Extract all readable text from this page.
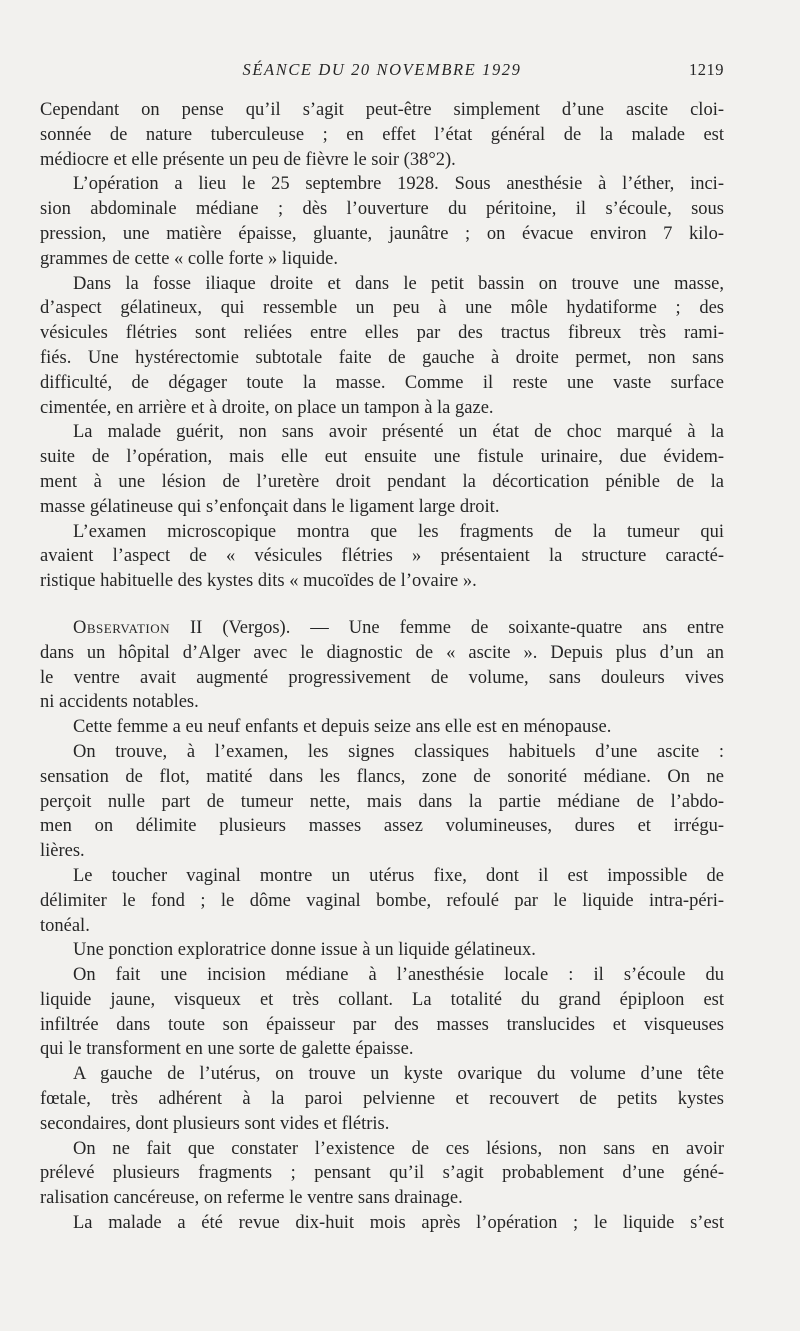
SÉANCE DU 20 NOVEMBRE 1929	1219
Cependant on pense qu’il s’agit peut-être simplement d’une ascite cloi-
sonnée de nature tuberculeuse ; en effet l’état général de la malade est
médiocre et elle présente un peu de fièvre le soir (38°2).
L’opération a lieu le 25 septembre 1928. Sous anesthésie à l’éther, inci-
sion abdominale médiane ; dès l’ouverture du péritoine, il s’écoule, sous
pression, une matière épaisse, gluante, jaunâtre ; on évacue environ 7 kilo-
grammes de cette « colle forte » liquide.
Dans la fosse iliaque droite et dans le petit bassin on trouve une masse,
d’aspect gélatineux, qui ressemble un peu à une môle hydatiforme ; des
vésicules flétries sont reliées entre elles par des tractus fibreux très rami-
fiés. Une hystérectomie subtotale faite de gauche à droite permet, non sans
difficulté, de dégager toute la masse. Comme il reste une vaste surface
cimentée, en arrière et à droite, on place un tampon à la gaze.
La malade guérit, non sans avoir présenté un état de choc marqué à la
suite de l’opération, mais elle eut ensuite une fistule urinaire, due évidem-
ment à une lésion de l’uretère droit pendant la décortication pénible de la
masse gélatineuse qui s’enfonçait dans le ligament large droit.
L’examen microscopique montra que les fragments de la tumeur qui
avaient l’aspect de « vésicules flétries » présentaient la structure caracté-
ristique habituelle des kystes dits « mucoïdes de l’ovaire ».
Observation II (Vergos). — Une femme de soixante-quatre ans entre
dans un hôpital d’Alger avec le diagnostic de « ascite ». Depuis plus d’un an
le ventre avait augmenté progressivement de volume, sans douleurs vives
ni accidents notables.
Cette femme a eu neuf enfants et depuis seize ans elle est en ménopause.
On trouve, à l’examen, les signes classiques habituels d’une ascite :
sensation de flot, matité dans les flancs, zone de sonorité médiane. On ne
perçoit nulle part de tumeur nette, mais dans la partie médiane de l’abdo-
men on délimite plusieurs masses assez volumineuses, dures et irrégu-
lières.
Le toucher vaginal montre un utérus fixe, dont il est impossible de
délimiter le fond ; le dôme vaginal bombe, refoulé par le liquide intra-péri-
tonéal.
Une ponction exploratrice donne issue à un liquide gélatineux.
On fait une incision médiane à l’anesthésie locale : il s’écoule du
liquide jaune, visqueux et très collant. La totalité du grand épiploon est
infiltrée dans toute son épaisseur par des masses translucides et visqueuses
qui le transforment en une sorte de galette épaisse.
A gauche de l’utérus, on trouve un kyste ovarique du volume d’une tête
fœtale, très adhérent à la paroi pelvienne et recouvert de petits kystes
secondaires, dont plusieurs sont vides et flétris.
On ne fait que constater l’existence de ces lésions, non sans en avoir
prélevé plusieurs fragments ; pensant qu’il s’agit probablement d’une géné-
ralisation cancéreuse, on referme le ventre sans drainage.
La malade a été revue dix-huit mois après l’opération ; le liquide s’est
